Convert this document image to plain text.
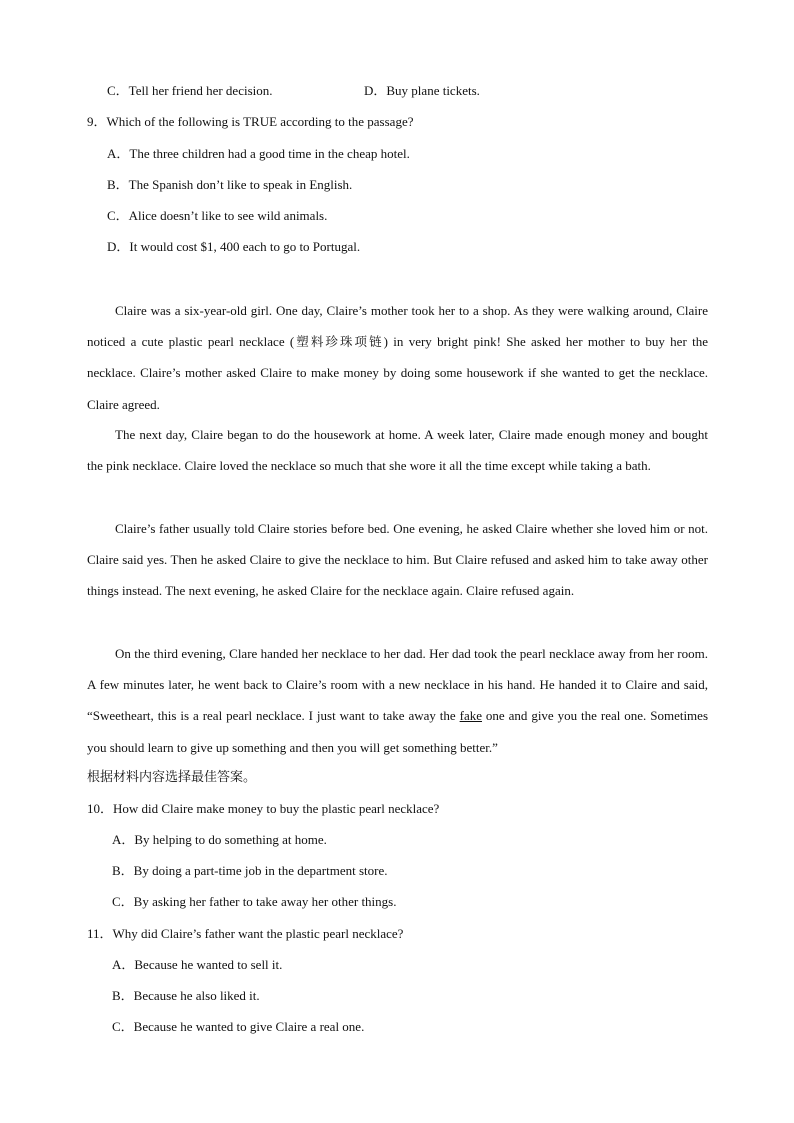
C．Tell her friend her decision.	D．Buy plane tickets.
9．Which of the following is TRUE according to the passage?
A．The three children had a good time in the cheap hotel.
B．The Spanish don’t like to speak in English.
C．Alice doesn’t like to see wild animals.
D．It would cost $1, 400 each to go to Portugal.
Claire was a six-year-old girl. One day, Claire’s mother took her to a shop. As they were walking around, Claire noticed a cute plastic pearl necklace (塑料珍珠项链) in very bright pink! She asked her mother to buy her the necklace. Claire’s mother asked Claire to make money by doing some housework if she wanted to get the necklace. Claire agreed.
The next day, Claire began to do the housework at home. A week later, Claire made enough money and bought the pink necklace. Claire loved the necklace so much that she wore it all the time except while taking a bath.
Claire’s father usually told Claire stories before bed. One evening, he asked Claire whether she loved him or not. Claire said yes. Then he asked Claire to give the necklace to him. But Claire refused and asked him to take away other things instead. The next evening, he asked Claire for the necklace again. Claire refused again.
On the third evening, Clare handed her necklace to her dad. Her dad took the pearl necklace away from her room. A few minutes later, he went back to Claire’s room with a new necklace in his hand. He handed it to Claire and said, “Sweetheart, this is a real pearl necklace. I just want to take away the fake one and give you the real one. Sometimes you should learn to give up something and then you will get something better.”
根据材料内容选择最佳答案。
10．How did Claire make money to buy the plastic pearl necklace?
A．By helping to do something at home.
B．By doing a part-time job in the department store.
C．By asking her father to take away her other things.
11．Why did Claire’s father want the plastic pearl necklace?
A．Because he wanted to sell it.
B．Because he also liked it.
C．Because he wanted to give Claire a real one.
